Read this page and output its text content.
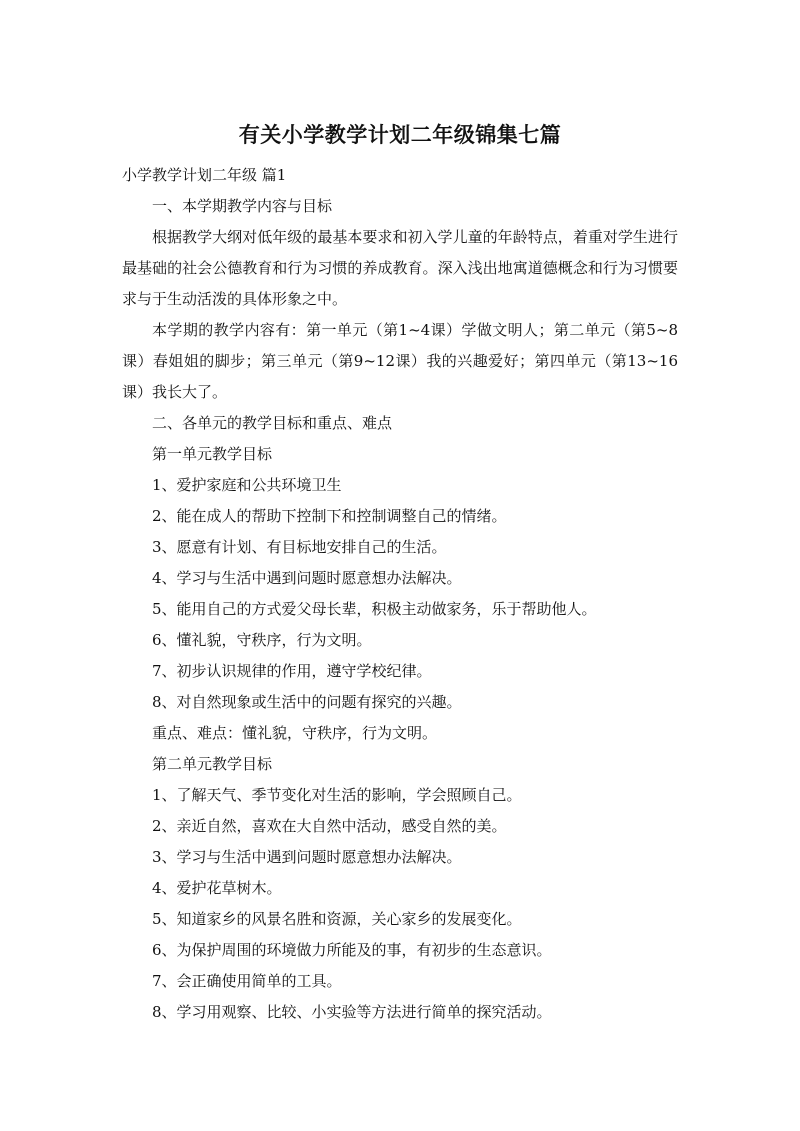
有关小学教学计划二年级锦集七篇

小学教学计划二年级 篇1

一、本学期教学内容与目标

根据教学大纲对低年级的最基本要求和初入学儿童的年龄特点，着重对学生进行最基础的社会公德教育和行为习惯的养成教育。深入浅出地寓道德概念和行为习惯要求与于生动活泼的具体形象之中。

本学期的教学内容有：第一单元（第1~4课）学做文明人；第二单元（第5~8课）春姐姐的脚步；第三单元（第9~12课）我的兴趣爱好；第四单元（第13~16课）我长大了。

二、各单元的教学目标和重点、难点

第一单元教学目标

1、爱护家庭和公共环境卫生

2、能在成人的帮助下控制下和控制调整自己的情绪。

3、愿意有计划、有目标地安排自己的生活。

4、学习与生活中遇到问题时愿意想办法解决。

5、能用自己的方式爱父母长辈，积极主动做家务，乐于帮助他人。

6、懂礼貌，守秩序，行为文明。

7、初步认识规律的作用，遵守学校纪律。

8、对自然现象或生活中的问题有探究的兴趣。

重点、难点：懂礼貌，守秩序，行为文明。

第二单元教学目标

1、了解天气、季节变化对生活的影响，学会照顾自己。

2、亲近自然，喜欢在大自然中活动，感受自然的美。

3、学习与生活中遇到问题时愿意想办法解决。

4、爱护花草树木。

5、知道家乡的风景名胜和资源，关心家乡的发展变化。

6、为保护周围的环境做力所能及的事，有初步的生态意识。

7、会正确使用简单的工具。

8、学习用观察、比较、小实验等方法进行简单的探究活动。
